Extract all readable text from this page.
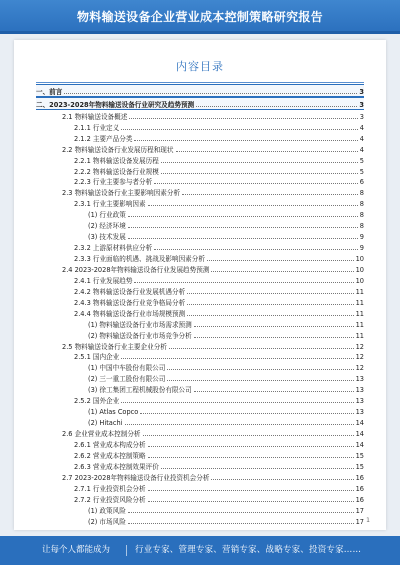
物料输送设备企业营业成本控制策略研究报告
内容目录
一、前言	3
二、2023-2028年物料输送设备行业研究及趋势预测	3
2.1 物料输送设备概述	3
2.1.1 行业定义	4
2.1.2 主要产品分类	4
2.2 物料输送设备行业发展历程和现状	4
2.2.1 物料输送设备发展历程	5
2.2.2 物料输送设备行业规模	5
2.2.3 行业主要参与者分析	6
2.3 物料输送设备行业主要影响因素分析	8
2.3.1 行业主要影响因素	8
(1) 行业政策	8
(2) 经济环境	8
(3) 技术发展	9
2.3.2 上游原材料供应分析	9
2.3.3 行业面临的机遇、挑战及影响因素分析	10
2.4 2023-2028年物料输送设备行业发展趋势预测	10
2.4.1 行业发展趋势	10
2.4.2 物料输送设备行业发展机遇分析	11
2.4.3 物料输送设备行业竞争格局分析	11
2.4.4 物料输送设备行业市场规模预测	11
(1) 物料输送设备行业市场需求预测	11
(2) 物料输送设备行业市场竞争分析	11
2.5 物料输送设备行业主要企业分析	12
2.5.1 国内企业	12
(1) 中国中车股份有限公司	12
(2) 三一重工股份有限公司	13
(3) 徐工集团工程机械股份有限公司	13
2.5.2 国外企业	13
(1) Atlas Copco	13
(2) Hitachi	14
2.6 企业营业成本控制分析	14
2.6.1 营业成本构成分析	14
2.6.2 营业成本控制策略	15
2.6.3 营业成本控制效果评价	15
2.7 2023-2028年物料输送设备行业投资机会分析	16
2.7.1 行业投资机会分析	16
2.7.2 行业投资风险分析	16
(1) 政策风险	17
(2) 市场风险	17 1
让每个人都能成为	行业专家、管理专家、营销专家、战略专家、投资专家……
